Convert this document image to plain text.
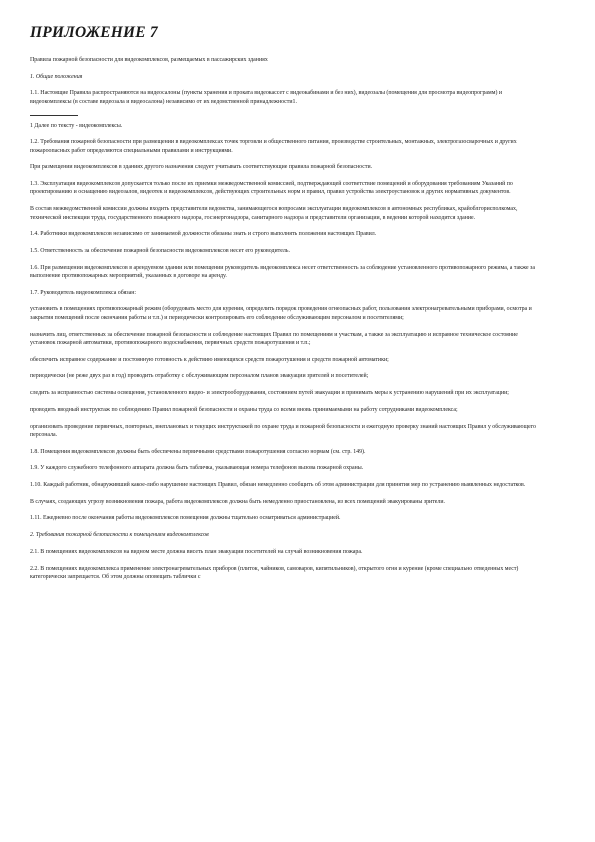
ПРИЛОЖЕНИЕ 7
Правила пожарной безопасности для видеокомплексов, размещаемых в пассажирских зданиях
1. Общие положения
1.1. Настоящие Правила распространяются на видеосалоны (пункты хранения и проката видеокассет с видеокабинами и без них), видеозалы (помещения для просмотра видеопрограмм) и видеокомплексы (в составе видеозала и видеосалона) независимо от их ведомственной принадлежности1.
1 Далее по тексту - видеокомплексы.
1.2. Требования пожарной безопасности при размещении в видеокомплексах точек торговли и общественного питания, производстве строительных, монтажных, электрогазосварочных и других пожароопасных работ определяются специальными правилами и инструкциями.
При размещении видеокомплексов в зданиях другого назначения следует учитывать соответствующие правила пожарной безопасности.
1.3. Эксплуатация видеокомплексов допускается только после их приемки межведомственной комиссией, подтверждающей соответствие помещений и оборудования требованиям Указаний по проектированию и оснащению видеозалов, видеотек и видеокомплексов, действующих строительных норм и правил, правил устройства электроустановок и других нормативных документов.
В состав межведомственной комиссии должны входить представители ведомства, занимающегося вопросами эксплуатации видеокомплексов в автономных республиках, крайоблгорисполкомах, технической инспекции труда, государственного пожарного надзора, госэнергонадзора, санитарного надзора и представители организации, в ведении которой находится здание.
1.4. Работники видеокомплексов независимо от занимаемой должности обязаны знать и строго выполнять положения настоящих Правил.
1.5. Ответственность за обеспечение пожарной безопасности видеокомплексов несет его руководитель.
1.6. При размещении видеокомплексов в арендуемом здании или помещении руководитель видеокомплекса несет ответственность за соблюдение установленного противопожарного режима, а также за выполнение противопожарных мероприятий, указанных в договоре на аренду.
1.7. Руководитель видеокомплекса обязан:
установить в помещениях противопожарный режим (оборудовать место для курения, определить порядок проведения огнеопасных работ, пользования электронагревательными приборами, осмотра и закрытия помещений после окончания работы и т.п.) и периодически контролировать его соблюдение обслуживающим персоналом и посетителями;
назначить лиц, ответственных за обеспечение пожарной безопасности и соблюдение настоящих Правил по помещениям и участкам, а также за эксплуатацию и исправное техническое состояние установок пожарной автоматики, противопожарного водоснабжения, первичных средств пожаротушения и т.п.;
обеспечить исправное содержание и постоянную готовность к действию имеющихся средств пожаротушения и средств пожарной автоматики;
периодически (не реже двух раз в год) проводить отработку с обслуживающим персоналом планов эвакуации зрителей и посетителей;
следить за исправностью системы освещения, установленного видео- и электрооборудования, состоянием путей эвакуации и принимать меры к устранению нарушений при их эксплуатации;
проводить вводный инструктаж по соблюдению Правил пожарной безопасности и охраны труда со всеми вновь принимаемыми на работу сотрудниками видеокомплекса;
организовать проведение первичных, повторных, внеплановых и текущих инструктажей по охране труда и пожарной безопасности и ежегодную проверку знаний настоящих Правил у обслуживающего персонала.
1.8. Помещения видеокомплексов должны быть обеспечены первичными средствами пожаротушения согласно нормам (см. стр. 149).
1.9. У каждого служебного телефонного аппарата должна быть табличка, указывающая номера телефонов вызова пожарной охраны.
1.10. Каждый работник, обнаруживший какое-либо нарушение настоящих Правил, обязан немедленно сообщить об этом администрации для принятия мер по устранению выявленных недостатков.
В случаях, создающих угрозу возникновения пожара, работа видеокомплексов должна быть немедленно приостановлена, из всех помещений эвакуированы зрители.
1.11. Ежедневно после окончания работы видеокомплексов помещения должны тщательно осматриваться администрацией.
2. Требования пожарной безопасности к помещениям видеокомплексов
2.1. В помещениях видеокомплексов на видном месте должна висеть план эвакуации посетителей на случай возникновения пожара.
2.2. В помещениях видеокомплекса применение электронагревательных приборов (плиток, чайников, самоваров, кипятильников), открытого огня и курение (кроме специально отведенных мест) категорически запрещается. Об этом должны оповещать таблички с
